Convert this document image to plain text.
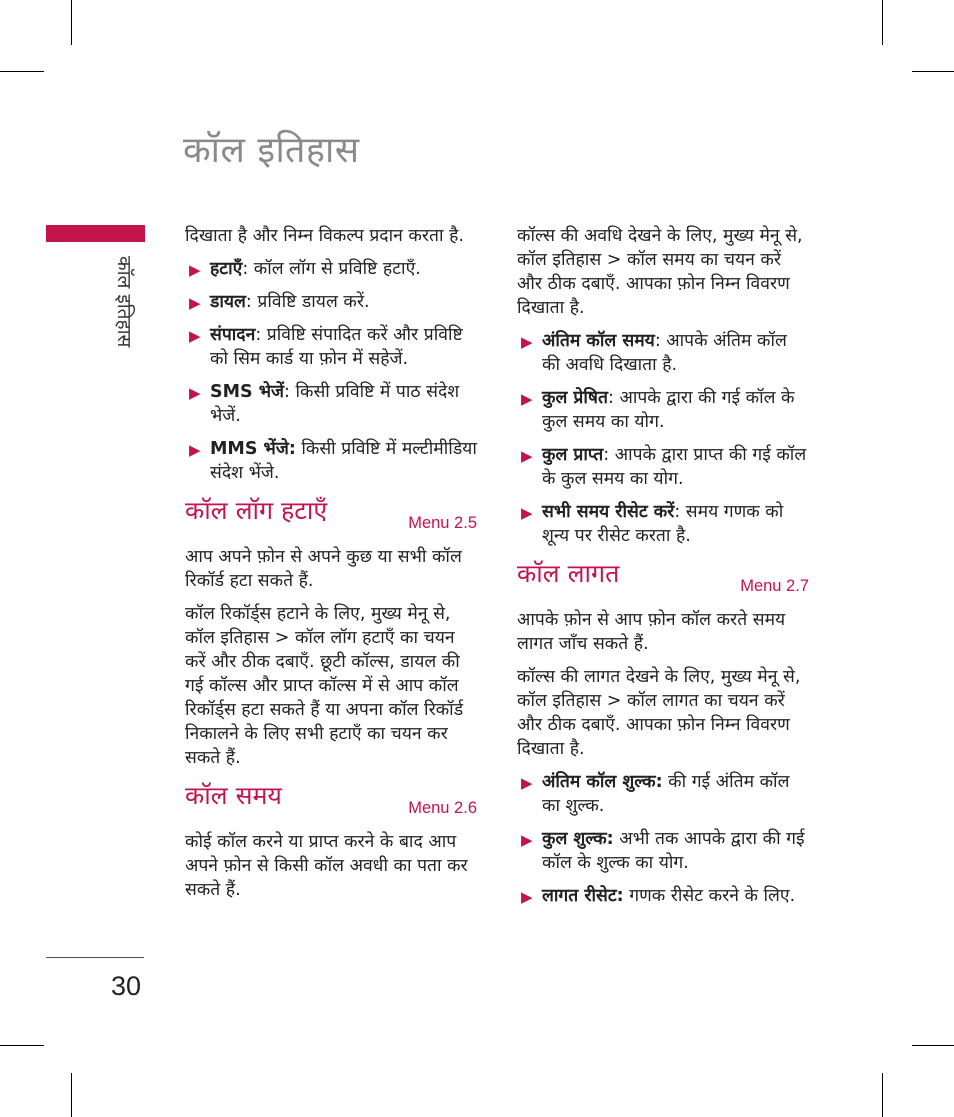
कॉल इतिहास
कॉल इतिहास
30

दिखाता है और निम्न विकल्प प्रदान करता है.

▶ हटाएँ: कॉल लॉग से प्रविष्टि हटाएँ.
▶ डायल: प्रविष्टि डायल करें.
▶ संपादन: प्रविष्टि संपादित करें और प्रविष्टि को सिम कार्ड या फ़ोन में सहेजें.
▶ SMS भेजें: किसी प्रविष्टि में पाठ संदेश भेजें.
▶ MMS भेंजे: किसी प्रविष्टि में मल्टीमीडिया संदेश भेंजे.
कॉल लॉग हटाएँ	Menu 2.5

आप अपने फ़ोन से अपने कुछ या सभी कॉल रिकॉर्ड हटा सकते हैं.

कॉल रिकॉर्ड्स हटाने के लिए, मुख्य मेनू से, कॉल इतिहास > कॉल लॉग हटाएँ का चयन करें और ठीक दबाएँ. छूटी कॉल्स, डायल की गई कॉल्स और प्राप्त कॉल्स में से आप कॉल रिकॉर्ड्स हटा सकते हैं या अपना कॉल रिकॉर्ड निकालने के लिए सभी हटाएँ का चयन कर सकते हैं.

कॉल समय	Menu 2.6

कोई कॉल करने या प्राप्त करने के बाद आप अपने फ़ोन से किसी कॉल अवधी का पता कर सकते हैं.

कॉल्स की अवधि देखने के लिए, मुख्य मेनू से, कॉल इतिहास > कॉल समय का चयन करें और ठीक दबाएँ. आपका फ़ोन निम्न विवरण दिखाता है.

▶ अंतिम कॉल समय: आपके अंतिम कॉल की अवधि दिखाता है.
▶ कुल प्रेषित: आपके द्वारा की गई कॉल के कुल समय का योग.
▶ कुल प्राप्त: आपके द्वारा प्राप्त की गई कॉल के कुल समय का योग.
▶ सभी समय रीसेट करें: समय गणक को शून्य पर रीसेट करता है.
कॉल लागत	Menu 2.7

आपके फ़ोन से आप फ़ोन कॉल करते समय लागत जाँच सकते हैं.

कॉल्स की लागत देखने के लिए, मुख्य मेनू से, कॉल इतिहास > कॉल लागत का चयन करें और ठीक दबाएँ. आपका फ़ोन निम्न विवरण दिखाता है.

▶ अंतिम कॉल शुल्क: की गई अंतिम कॉल का शुल्क.
▶ कुल शुल्क: अभी तक आपके द्वारा की गई कॉल के शुल्क का योग.
▶ लागत रीसेट: गणक रीसेट करने के लिए.
